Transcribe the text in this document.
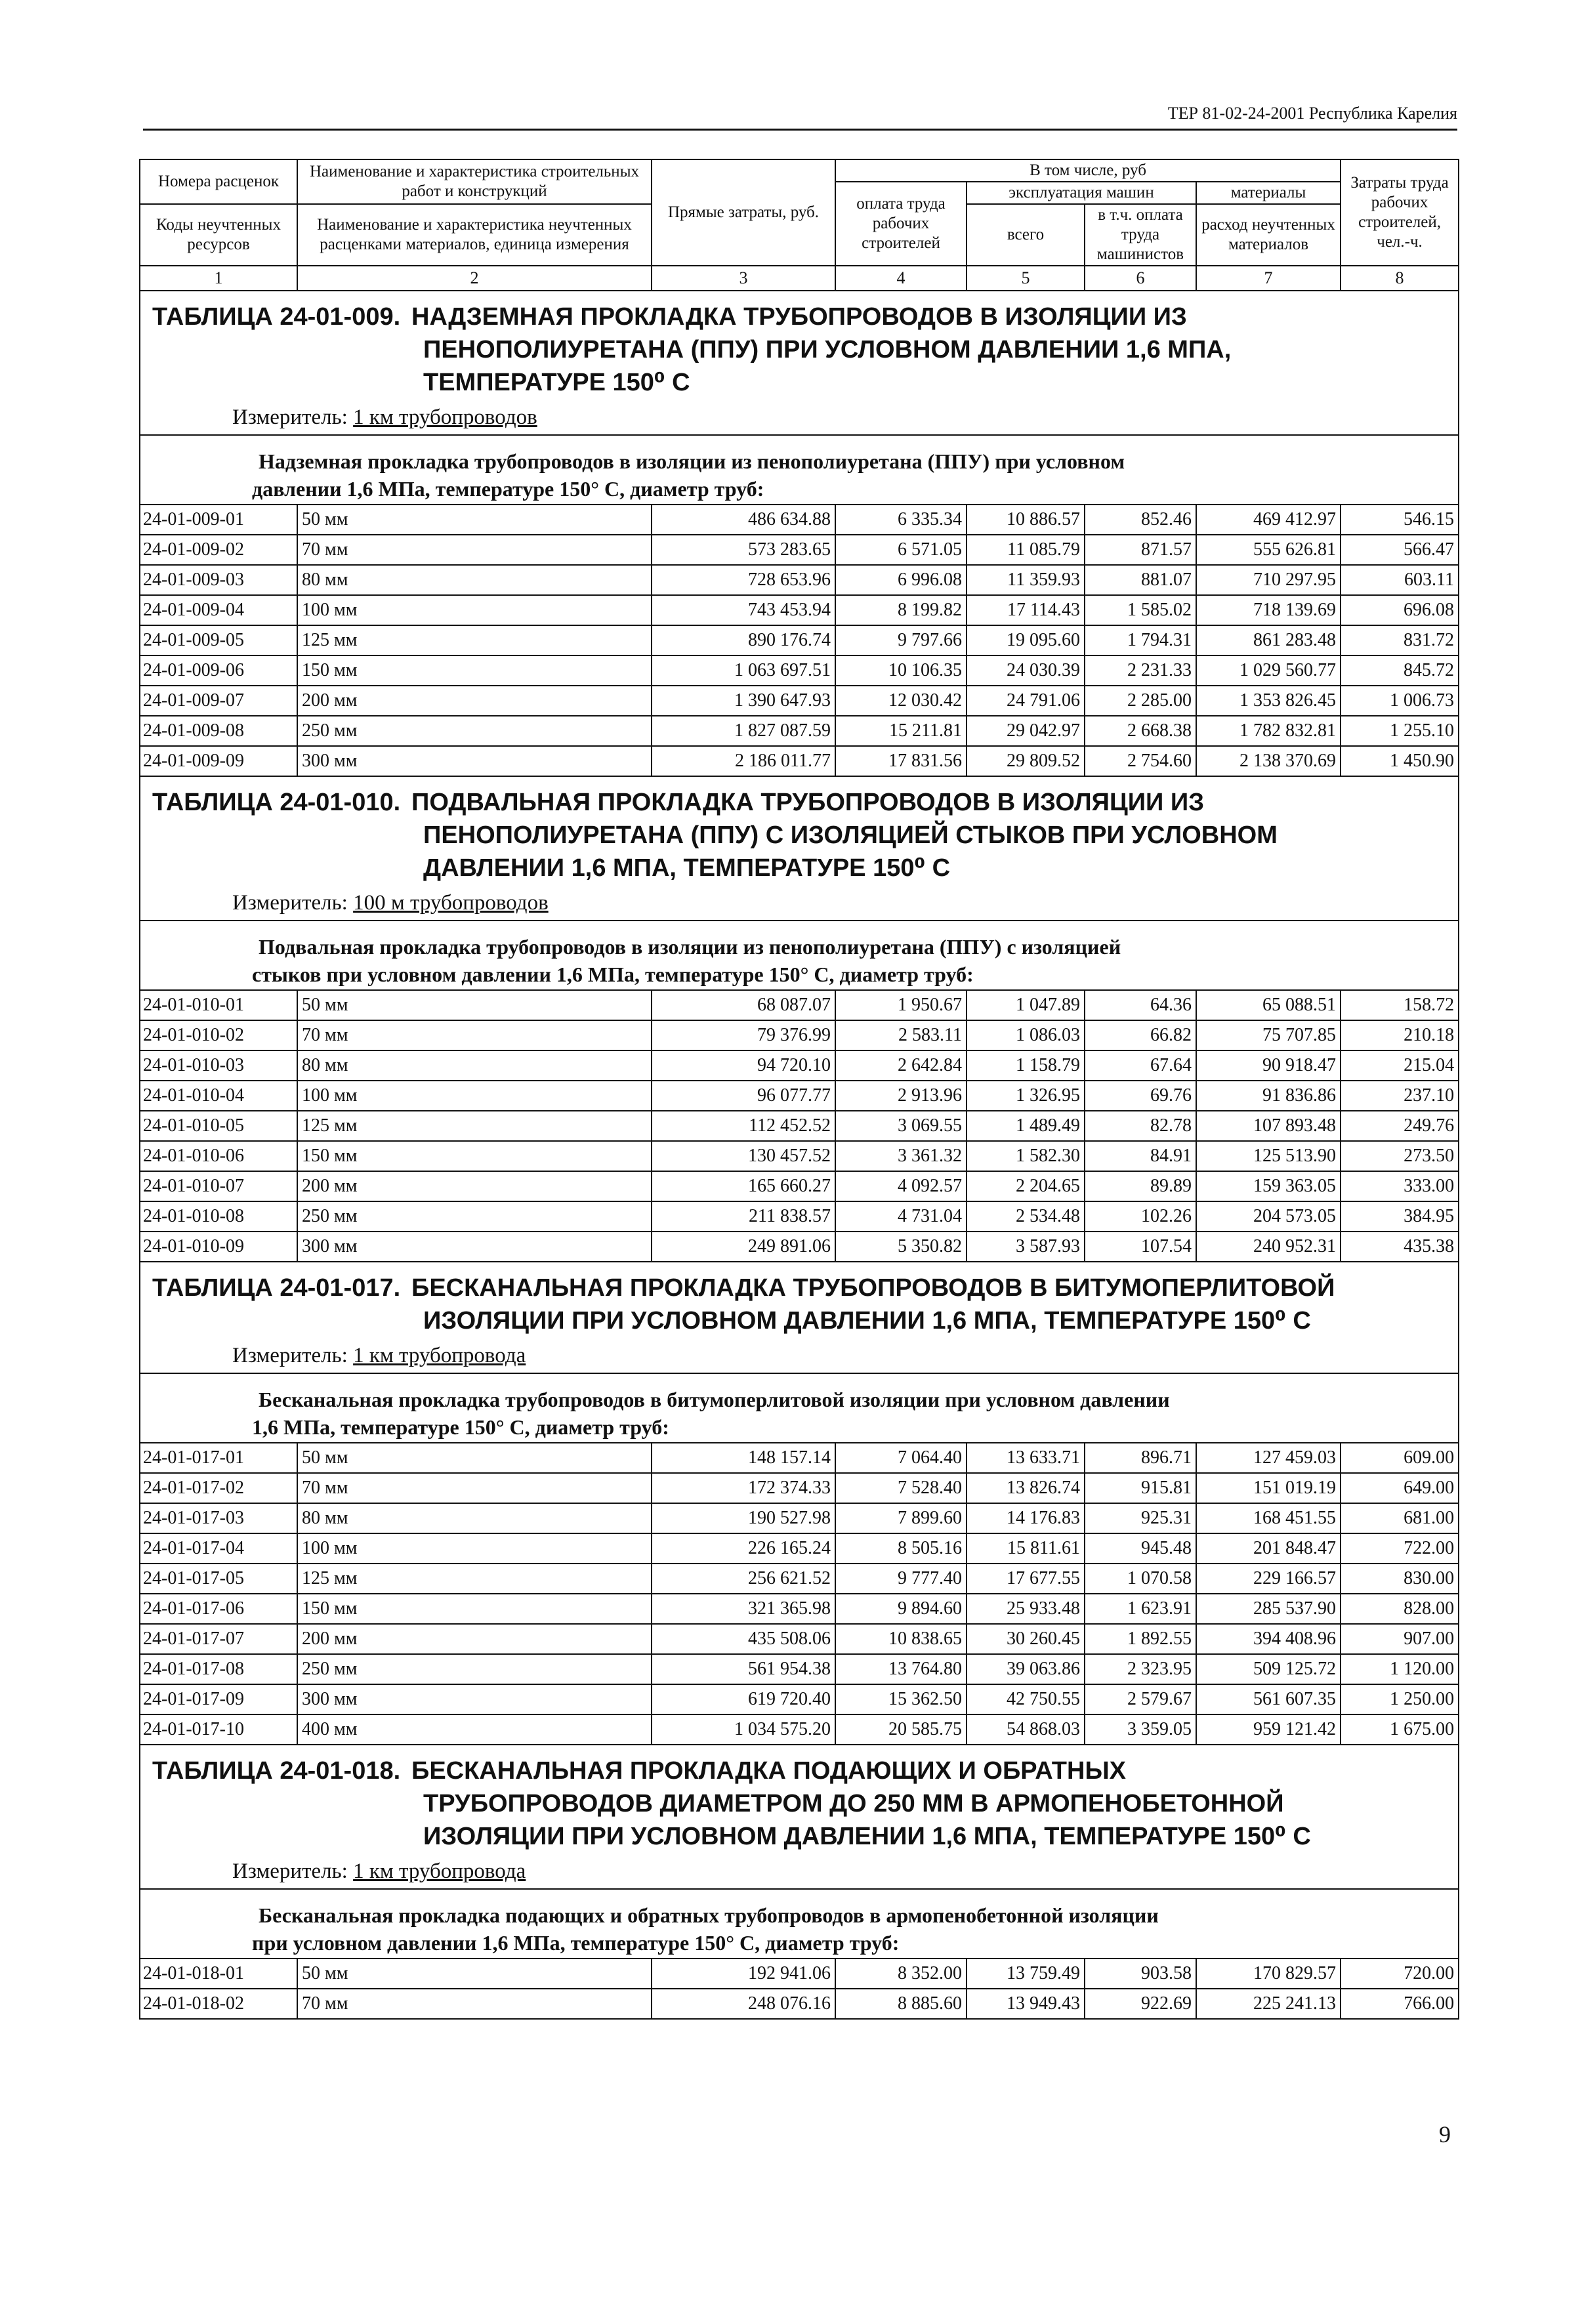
ТЕР 81-02-24-2001 Республика Карелия
Номера расценок	Наименование и характеристика строительных работ и конструкций	Прямые затраты, руб.	В том числе, руб				Затраты труда рабочих строителей, чел.-ч.
			оплата труда рабочих строителей	эксплуатация машин		материалы	
Коды неучтенных ресурсов	Наименование и характеристика неучтенных расценками материалов, единица измерения			всего	в т.ч. оплата труда машинистов	расход неучтенных материалов	

1	2	3	4	5	6	7	8
ТАБЛИЦА 24-01-009. НАДЗЕМНАЯ ПРОКЛАДКА ТРУБОПРОВОДОВ В ИЗОЛЯЦИИ ИЗ
ПЕНОПОЛИУРЕТАНА (ППУ) ПРИ УСЛОВНОМ ДАВЛЕНИИ 1,6 МПА,
ТЕМПЕРАТУРЕ 150⁰ С
Измеритель: 1 км трубопроводов							

Надземная прокладка трубопроводов в изоляции из пенополиуретана (ППУ) при условном
давлении 1,6 МПа, температуре 150° С, диаметр труб:							

24-01-009-01	50 мм	486 634.88	6 335.34	10 886.57	852.46	469 412.97	546.15
24-01-009-02	70 мм	573 283.65	6 571.05	11 085.79	871.57	555 626.81	566.47
24-01-009-03	80 мм	728 653.96	6 996.08	11 359.93	881.07	710 297.95	603.11
24-01-009-04	100 мм	743 453.94	8 199.82	17 114.43	1 585.02	718 139.69	696.08
24-01-009-05	125 мм	890 176.74	9 797.66	19 095.60	1 794.31	861 283.48	831.72
24-01-009-06	150 мм	1 063 697.51	10 106.35	24 030.39	2 231.33	1 029 560.77	845.72
24-01-009-07	200 мм	1 390 647.93	12 030.42	24 791.06	2 285.00	1 353 826.45	1 006.73
24-01-009-08	250 мм	1 827 087.59	15 211.81	29 042.97	2 668.38	1 782 832.81	1 255.10
24-01-009-09	300 мм	2 186 011.77	17 831.56	29 809.52	2 754.60	2 138 370.69	1 450.90
ТАБЛИЦА 24-01-010. ПОДВАЛЬНАЯ ПРОКЛАДКА ТРУБОПРОВОДОВ В ИЗОЛЯЦИИ ИЗ
ПЕНОПОЛИУРЕТАНА (ППУ) С ИЗОЛЯЦИЕЙ СТЫКОВ ПРИ УСЛОВНОМ
ДАВЛЕНИИ 1,6 МПА, ТЕМПЕРАТУРЕ 150⁰ С
Измеритель: 100 м трубопроводов							

Подвальная прокладка трубопроводов в изоляции из пенополиуретана (ППУ) с изоляцией
стыков при условном давлении 1,6 МПа, температуре 150° С, диаметр труб:							

24-01-010-01	50 мм	68 087.07	1 950.67	1 047.89	64.36	65 088.51	158.72
24-01-010-02	70 мм	79 376.99	2 583.11	1 086.03	66.82	75 707.85	210.18
24-01-010-03	80 мм	94 720.10	2 642.84	1 158.79	67.64	90 918.47	215.04
24-01-010-04	100 мм	96 077.77	2 913.96	1 326.95	69.76	91 836.86	237.10
24-01-010-05	125 мм	112 452.52	3 069.55	1 489.49	82.78	107 893.48	249.76
24-01-010-06	150 мм	130 457.52	3 361.32	1 582.30	84.91	125 513.90	273.50
24-01-010-07	200 мм	165 660.27	4 092.57	2 204.65	89.89	159 363.05	333.00
24-01-010-08	250 мм	211 838.57	4 731.04	2 534.48	102.26	204 573.05	384.95
24-01-010-09	300 мм	249 891.06	5 350.82	3 587.93	107.54	240 952.31	435.38
ТАБЛИЦА 24-01-017. БЕСКАНАЛЬНАЯ ПРОКЛАДКА ТРУБОПРОВОДОВ В БИТУМОПЕРЛИТОВОЙ
ИЗОЛЯЦИИ ПРИ УСЛОВНОМ ДАВЛЕНИИ 1,6 МПА, ТЕМПЕРАТУРЕ 150⁰ С
Измеритель: 1 км трубопровода							

Бесканальная прокладка трубопроводов в битумоперлитовой изоляции при условном давлении
1,6 МПа, температуре 150° С, диаметр труб:							

24-01-017-01	50 мм	148 157.14	7 064.40	13 633.71	896.71	127 459.03	609.00
24-01-017-02	70 мм	172 374.33	7 528.40	13 826.74	915.81	151 019.19	649.00
24-01-017-03	80 мм	190 527.98	7 899.60	14 176.83	925.31	168 451.55	681.00
24-01-017-04	100 мм	226 165.24	8 505.16	15 811.61	945.48	201 848.47	722.00
24-01-017-05	125 мм	256 621.52	9 777.40	17 677.55	1 070.58	229 166.57	830.00
24-01-017-06	150 мм	321 365.98	9 894.60	25 933.48	1 623.91	285 537.90	828.00
24-01-017-07	200 мм	435 508.06	10 838.65	30 260.45	1 892.55	394 408.96	907.00
24-01-017-08	250 мм	561 954.38	13 764.80	39 063.86	2 323.95	509 125.72	1 120.00
24-01-017-09	300 мм	619 720.40	15 362.50	42 750.55	2 579.67	561 607.35	1 250.00
24-01-017-10	400 мм	1 034 575.20	20 585.75	54 868.03	3 359.05	959 121.42	1 675.00
ТАБЛИЦА 24-01-018. БЕСКАНАЛЬНАЯ ПРОКЛАДКА ПОДАЮЩИХ И ОБРАТНЫХ
ТРУБОПРОВОДОВ ДИАМЕТРОМ ДО 250 ММ В АРМОПЕНОБЕТОННОЙ
ИЗОЛЯЦИИ ПРИ УСЛОВНОМ ДАВЛЕНИИ 1,6 МПА, ТЕМПЕРАТУРЕ 150⁰ С
Измеритель: 1 км трубопровода							

Бесканальная прокладка подающих и обратных трубопроводов в армопенобетонной изоляции
при условном давлении 1,6 МПа, температуре 150° С, диаметр труб:							

24-01-018-01	50 мм	192 941.06	8 352.00	13 759.49	903.58	170 829.57	720.00
24-01-018-02	70 мм	248 076.16	8 885.60	13 949.43	922.69	225 241.13	766.00
9
